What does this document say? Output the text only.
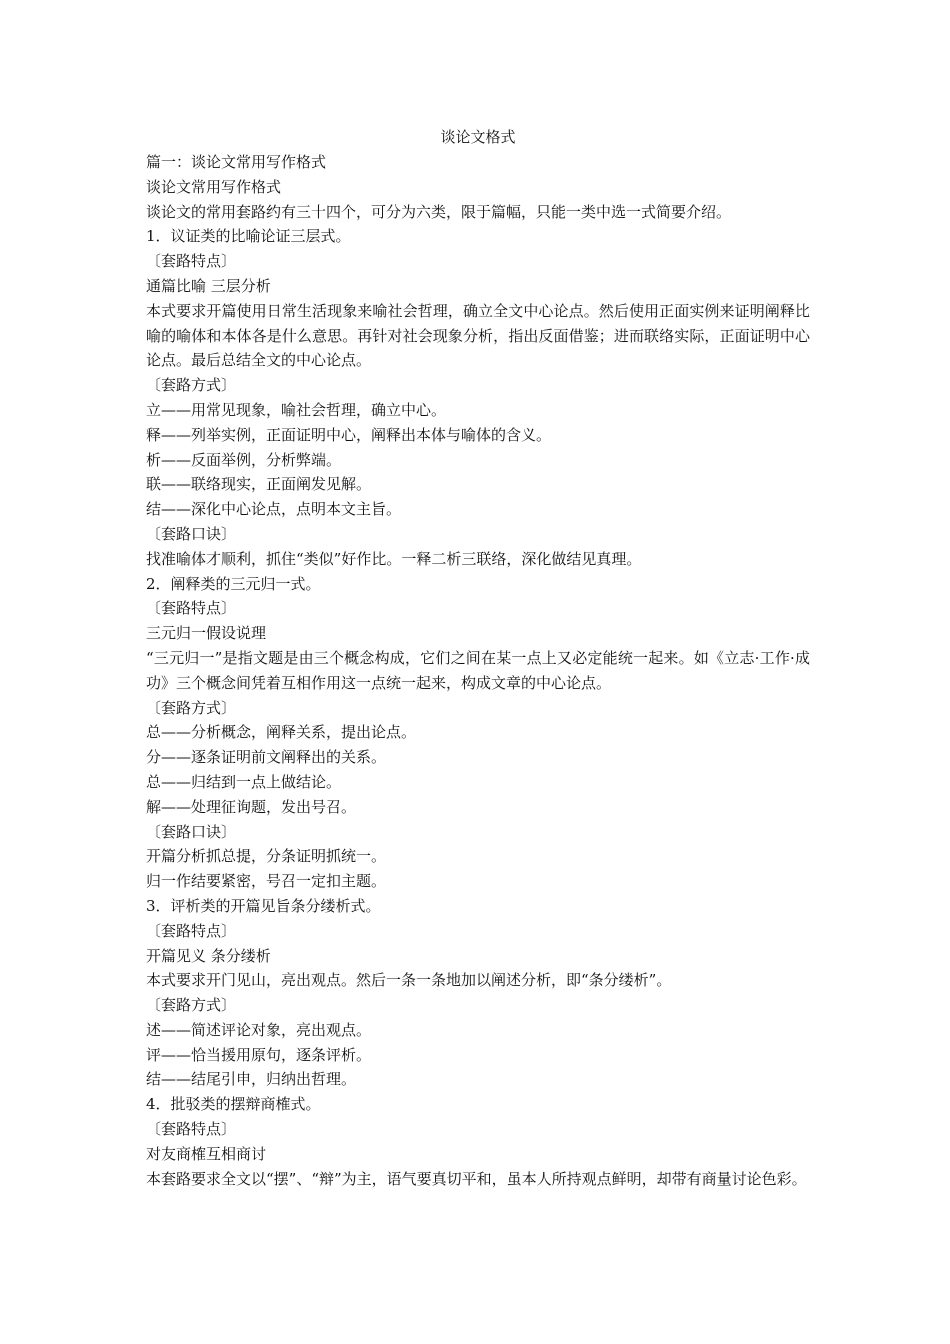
谈论文格式

篇一：谈论文常用写作格式

谈论文常用写作格式

谈论文的常用套路约有三十四个，可分为六类，限于篇幅，只能一类中选一式简要介绍。

1．议证类的比喻论证三层式。

〔套路特点〕

通篇比喻 三层分析

本式要求开篇使用日常生活现象来喻社会哲理，确立全文中心论点。然后使用正面实例来证明阐释比喻的喻体和本体各是什么意思。再针对社会现象分析，指出反面借鉴；进而联络实际，正面证明中心论点。最后总结全文的中心论点。

〔套路方式〕

立——用常见现象，喻社会哲理，确立中心。

释——列举实例，正面证明中心，阐释出本体与喻体的含义。

析——反面举例，分析弊端。

联——联络现实，正面阐发见解。

结——深化中心论点，点明本文主旨。

〔套路口诀〕

找准喻体才顺利，抓住“类似”好作比。一释二析三联络，深化做结见真理。

2．阐释类的三元归一式。

〔套路特点〕

三元归一假设说理

“三元归一”是指文题是由三个概念构成，它们之间在某一点上又必定能统一起来。如《立志·工作·成功》三个概念间凭着互相作用这一点统一起来，构成文章的中心论点。

〔套路方式〕

总——分析概念，阐释关系，提出论点。

分——逐条证明前文阐释出的关系。

总——归结到一点上做结论。

解——处理征询题，发出号召。

〔套路口诀〕

开篇分析抓总提，分条证明抓统一。

归一作结要紧密，号召一定扣主题。

3．评析类的开篇见旨条分缕析式。

〔套路特点〕

开篇见义 条分缕析

本式要求开门见山，亮出观点。然后一条一条地加以阐述分析，即“条分缕析”。

〔套路方式〕

述——简述评论对象，亮出观点。

评——恰当援用原句，逐条评析。

结——结尾引申，归纳出哲理。

4．批驳类的摆辩商榷式。

〔套路特点〕

对友商榷互相商讨

本套路要求全文以“摆”、“辩”为主，语气要真切平和，虽本人所持观点鲜明，却带有商量讨论色彩。
